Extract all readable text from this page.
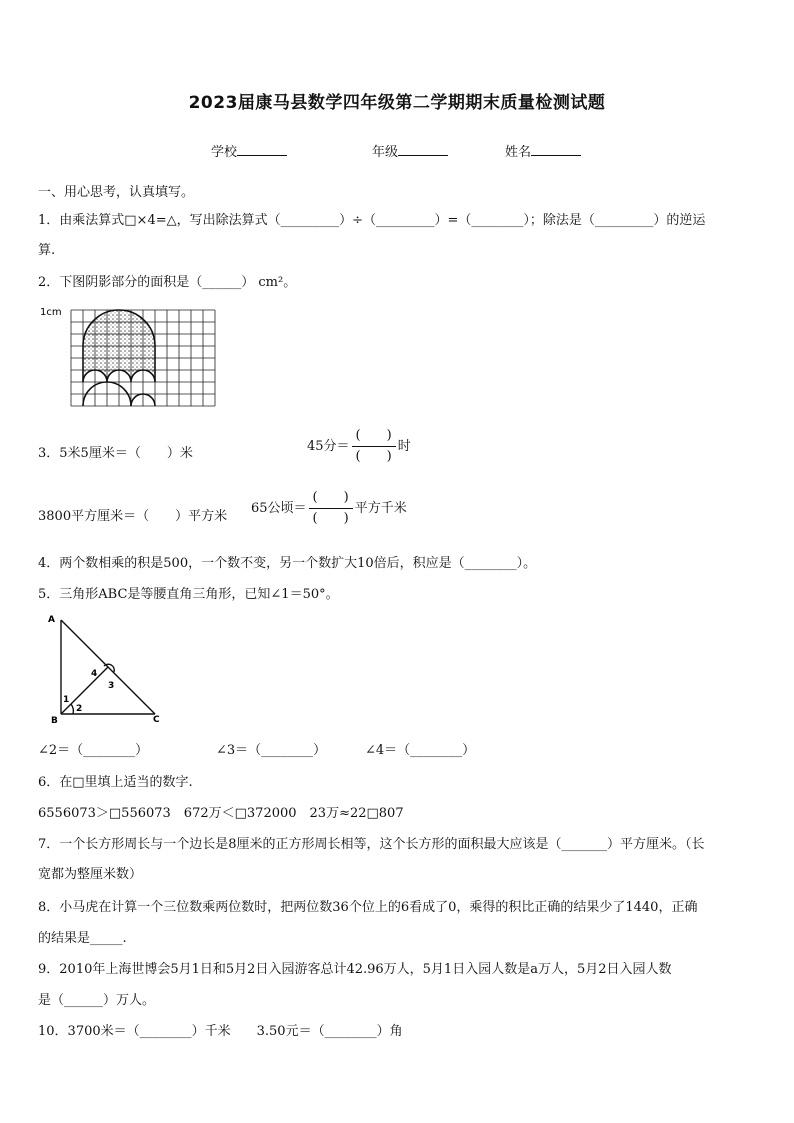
2023届康马县数学四年级第二学期期末质量检测试题
学校	年级	姓名
一、用心思考，认真填写。
1．由乘法算式□×4=△，写出除法算式（_________）÷（_________）=（________）；除法是（_________）的逆运
算.
2．下图阴影部分的面积是（______） cm²。
1cm
3．5米5厘米＝（　　）米	45分＝ $\frac{( )}{( )}$ 时
3800平方厘米＝（　　）平方米
65公顷＝ $\frac{( )}{( )}$ 平方千米
4．两个数相乘的积是500，一个数不变，另一个数扩大10倍后，积应是（________）。
5．三角形ABC是等腰直角三角形，已知∠1＝50°。
A
B	C
1
2
3
4
∠2＝（________）	∠3＝（________）	∠4＝（________）
6．在□里填上适当的数字.
6556073＞□556073　672万＜□372000　23万≈22□807
7．一个长方形周长与一个边长是8厘米的正方形周长相等，这个长方形的面积最大应该是（_______）平方厘米。（长
宽都为整厘米数）
8．小马虎在计算一个三位数乘两位数时，把两位数36个位上的6看成了0，乘得的积比正确的结果少了1440，正确
的结果是_____.
9．2010年上海世博会5月1日和5月2日入园游客总计42.96万人，5月1日入园人数是a万人，5月2日入园人数
是（______）万人。
10．3700米＝（________）千米　　3.50元＝（________）角
